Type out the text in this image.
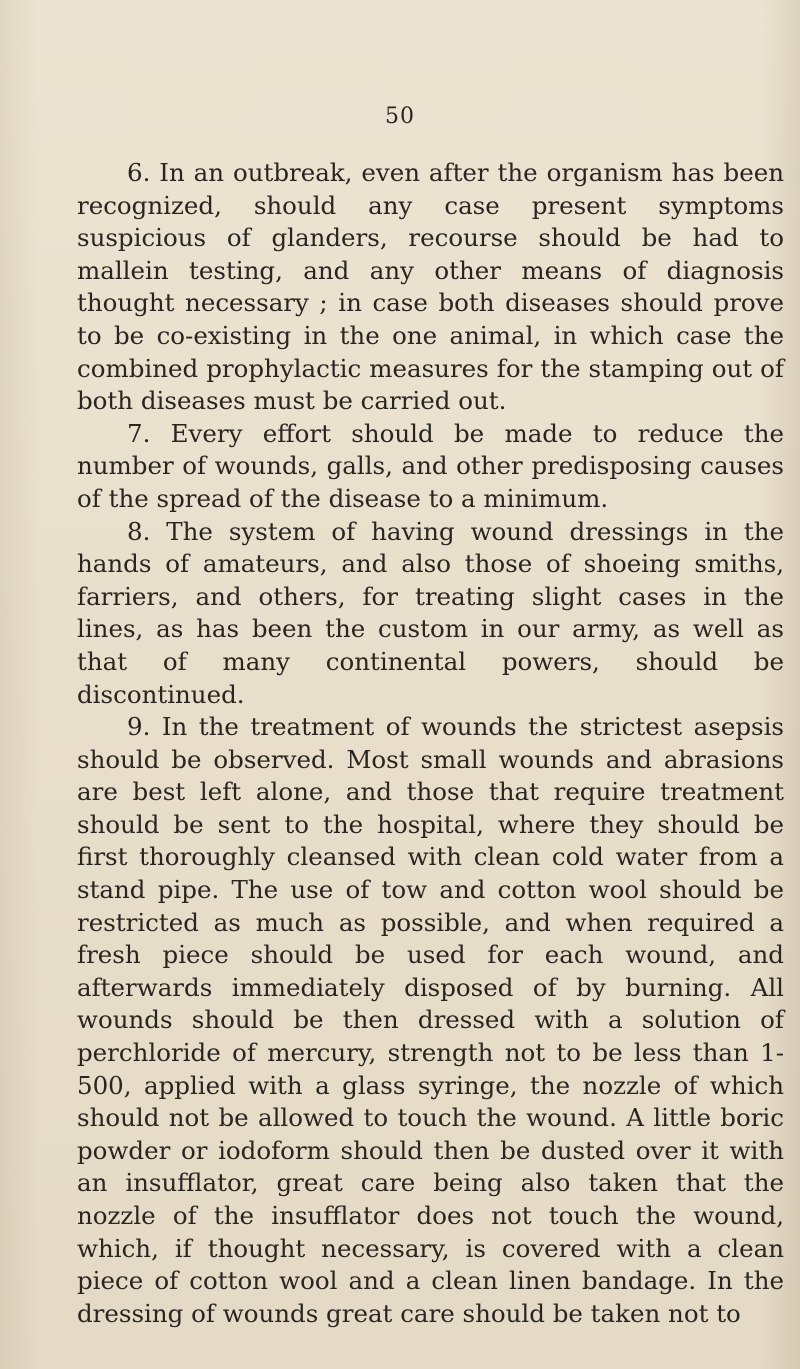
50

6. In an outbreak, even after the organism has been recognized, should any case present symptoms suspicious of glanders, recourse should be had to mallein testing, and any other means of diagnosis thought necessary ; in case both diseases should prove to be co-existing in the one animal, in which case the combined prophylactic measures for the stamping out of both diseases must be carried out.

7. Every effort should be made to reduce the number of wounds, galls, and other predisposing causes of the spread of the disease to a minimum.

8. The system of having wound dressings in the hands of amateurs, and also those of shoeing smiths, farriers, and others, for treating slight cases in the lines, as has been the custom in our army, as well as that of many continental powers, should be discontinued.

9. In the treatment of wounds the strictest asepsis should be observed. Most small wounds and abrasions are best left alone, and those that require treatment should be sent to the hospital, where they should be first thoroughly cleansed with clean cold water from a stand pipe. The use of tow and cotton wool should be restricted as much as possible, and when required a fresh piece should be used for each wound, and afterwards immediately disposed of by burning. All wounds should be then dressed with a solution of perchloride of mercury, strength not to be less than 1-500, applied with a glass syringe, the nozzle of which should not be allowed to touch the wound. A little boric powder or iodoform should then be dusted over it with an insufflator, great care being also taken that the nozzle of the insufflator does not touch the wound, which, if thought necessary, is covered with a clean piece of cotton wool and a clean linen bandage. In the dressing of wounds great care should be taken not to
